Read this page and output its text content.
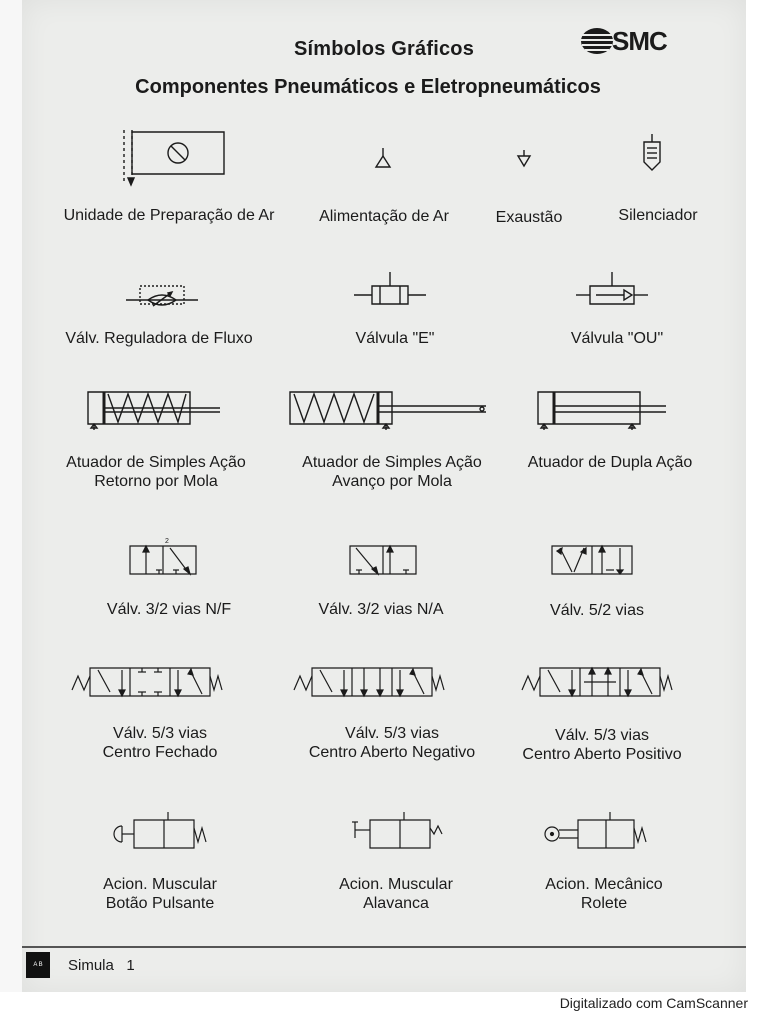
Símbolos Gráficos
Componentes Pneumáticos e Eletropneumáticos
SMC
Unidade de Preparação de Ar	Alimentação de Ar	Exaustão	Silenciador
Válv. Reguladora de Fluxo	Válvula "E"	Válvula "OU"
Atuador de Simples Ação
Retorno por Mola
Atuador de Simples Ação
Avanço por Mola
Atuador de Dupla Ação
2
Válv. 3/2 vias N/F	Válv. 3/2 vias N/A	Válv. 5/2 vias
Válv. 5/3 vias
Centro Fechado
Válv. 5/3 vias
Centro Aberto Negativo
Válv. 5/3 vias
Centro Aberto Positivo
Acion. Muscular
Botão Pulsante
Acion. Muscular
Alavanca
Acion. Mecânico
Rolete
A B	Simula   1
Digitalizado com CamScanner
